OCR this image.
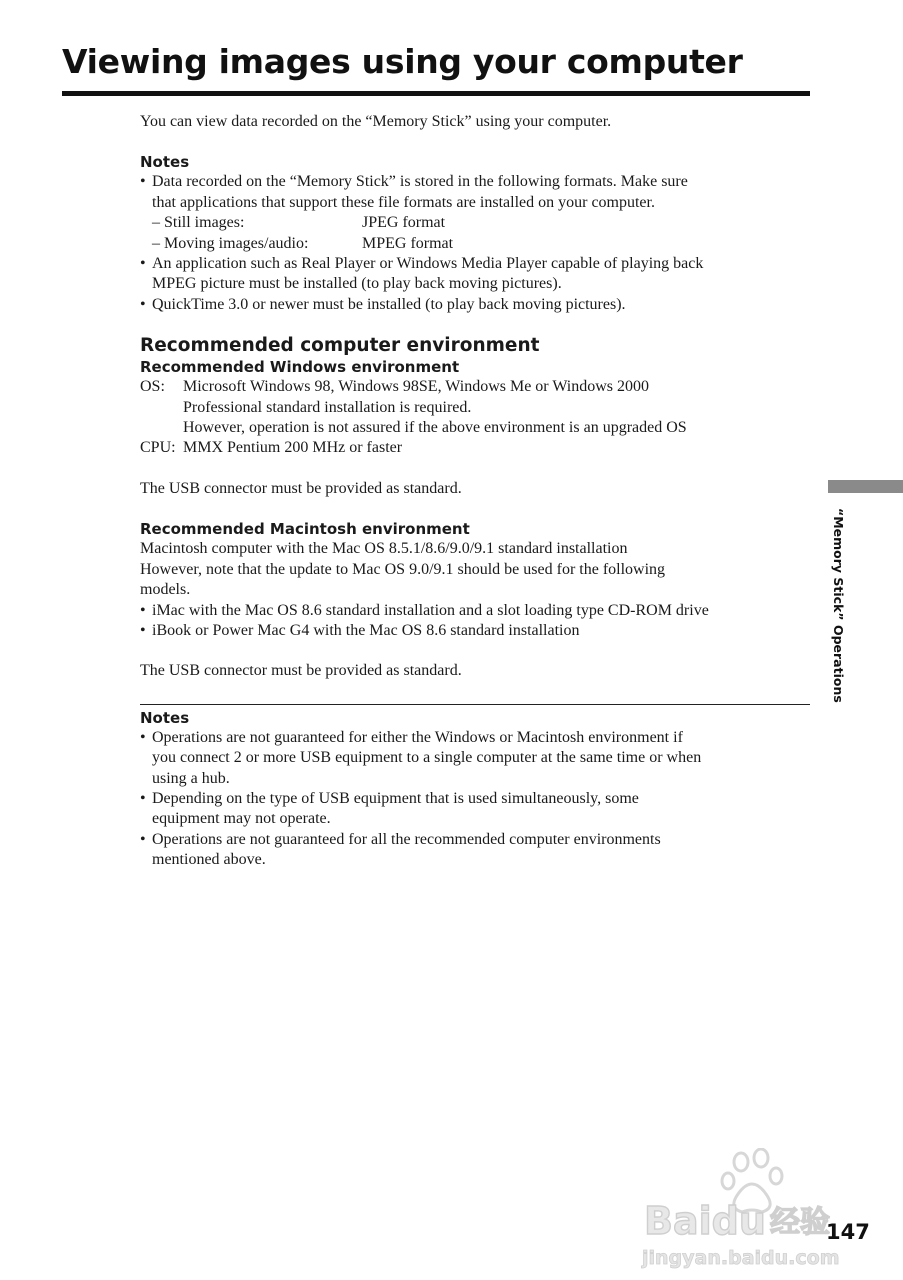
Viewing images using your computer

You can view data recorded on the “Memory Stick” using your computer.

Notes

• Data recorded on the “Memory Stick” is stored in the following formats. Make sure
that applications that support these file formats are installed on your computer.
– Still images:	JPEG format
– Moving images/audio:	MPEG format
• An application such as Real Player or Windows Media Player capable of playing back
MPEG picture must be installed (to play back moving pictures).
• QuickTime 3.0 or newer must be installed (to play back moving pictures).

Recommended computer environment

Recommended Windows environment

OS:	Microsoft Windows 98, Windows 98SE, Windows Me or Windows 2000
Professional standard installation is required.
However, operation is not assured if the above environment is an upgraded OS
CPU: MMX Pentium 200 MHz or faster

The USB connector must be provided as standard.

Recommended Macintosh environment

Macintosh computer with the Mac OS 8.5.1/8.6/9.0/9.1 standard installation

However, note that the update to Mac OS 9.0/9.1 should be used for the following

models.

• iMac with the Mac OS 8.6 standard installation and a slot loading type CD-ROM drive
• iBook or Power Mac G4 with the Mac OS 8.6 standard installation

The USB connector must be provided as standard.

Notes

• Operations are not guaranteed for either the Windows or Macintosh environment if
you connect 2 or more USB equipment to a single computer at the same time or when
using a hub.
• Depending on the type of USB equipment that is used simultaneously, some
equipment may not operate.
• Operations are not guaranteed for all the recommended computer environments
mentioned above.
“Memory Stick” Operations
Baidu 经验
jingyan.baidu.com
147
